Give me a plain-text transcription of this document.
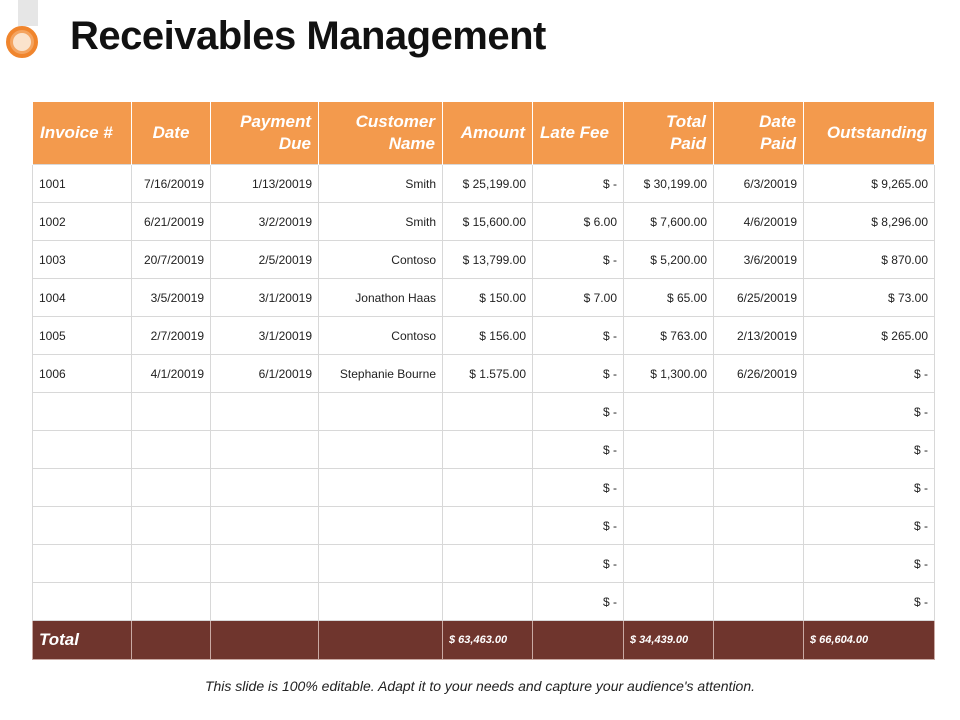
Receivables Management
Invoice #	Date	Payment Due	Customer Name	Amount	Late Fee	Total Paid	Date Paid	Outstanding
1001	7/16/20019	1/13/20019	Smith	$ 25,199.00	$ -	$ 30,199.00	6/3/20019	$ 9,265.00
1002	6/21/20019	3/2/20019	Smith	$ 15,600.00	$ 6.00	$ 7,600.00	4/6/20019	$ 8,296.00
1003	20/7/20019	2/5/20019	Contoso	$ 13,799.00	$ -	$ 5,200.00	3/6/20019	$ 870.00
1004	3/5/20019	3/1/20019	Jonathon Haas	$ 150.00	$ 7.00	$ 65.00	6/25/20019	$ 73.00
1005	2/7/20019	3/1/20019	Contoso	$ 156.00	$ -	$ 763.00	2/13/20019	$ 265.00
1006	4/1/20019	6/1/20019	Stephanie Bourne	$ 1.575.00	$ -	$ 1,300.00	6/26/20019	$ -
					$ -			$ -
					$ -			$ -
					$ -			$ -
					$ -			$ -
					$ -			$ -
					$ -			$ -
Total				$ 63,463.00		$ 34,439.00		$ 66,604.00
This slide is 100% editable. Adapt it to your needs and capture your audience's attention.
